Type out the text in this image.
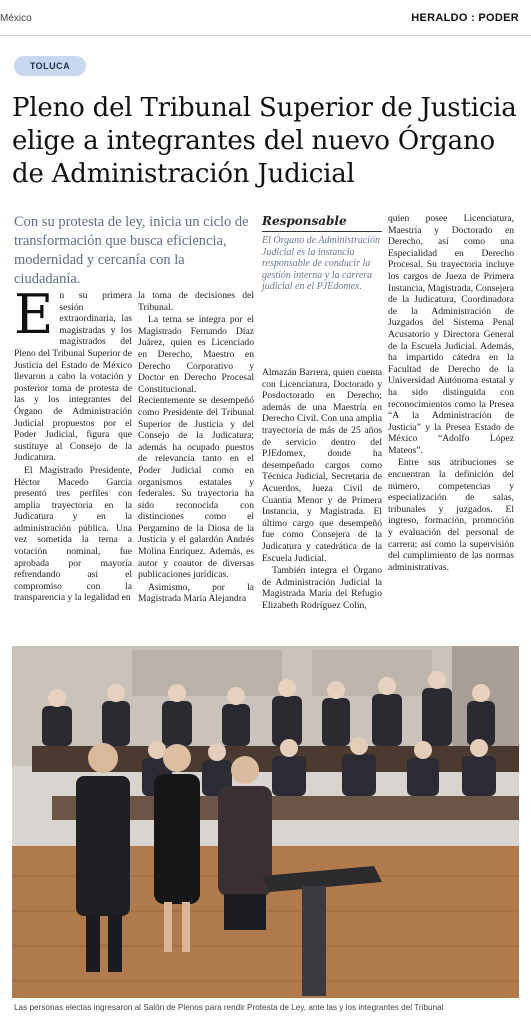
México	HERALDO : PODER
TOLUCA
Pleno del Tribunal Superior de Justicia elige a integrantes del nuevo Órgano de Administración Judicial
Con su protesta de ley, inicia un ciclo de transformación que busca eficiencia, modernidad y cercanía con la ciudadanía.

En su primera sesión extraordinaria, las magistradas y los magistrados del Pleno del Tribunal Superior de Justicia del Estado de México llevaron a cabo la votación y posterior toma de protesta de las y los integrantes del Órgano de Administración Judicial propuestos por el Poder Judicial, figura que sustituye al Consejo de la Judicatura.

El Magistrado Presidente, Héctor Macedo García presentó tres perfiles con amplia trayectoria en la Judicatura y en la administración pública. Una vez sometida la terna a votación nominal, fue aprobada por mayoría refrendando así el compromiso con la transparencia y la legalidad en

la toma de decisiones del Tribunal.

La terna se integra por el Magistrado Fernando Díaz Juárez, quien es Licenciado en Derecho, Maestro en Derecho Corporativo y Doctor en Derecho Procesal Constitucional. Recientemente se desempeñó como Presidente del Tribunal Superior de Justicia y del Consejo de la Judicatura; además ha ocupado puestos de relevancia tanto en el Poder Judicial como en organismos estatales y federales. Su trayectoria ha sido reconocida con distinciones como el Pergamino de la Diosa de la Justicia y el galardón Andrés Molina Enríquez. Además, es autor y coautor de diversas publicaciones jurídicas.

Asimismo, por la Magistrada María Alejandra

Responsable
El Órgano de Administración Judicial es la instancia responsable de conducir la gestión interna y la carrera judicial en el PJEdomex.

Almazán Barrera, quien cuenta con Licenciatura, Doctorado y Posdoctorado en Derecho; además de una Maestría en Derecho Civil. Con una amplia trayectoria de más de 25 años de servicio dentro del PJEdomex, donde ha desempeñado cargos como Técnica Judicial, Secretaria de Acuerdos, Jueza Civil de Cuantía Menor y de Primera Instancia, y Magistrada. El último cargo que desempeñó fue como Consejera de la Judicatura y catedrática de la Escuela Judicial.

También integra el Órgano de Administración Judicial la Magistrada María del Refugio Elizabeth Rodríguez Colín,

quien posee Licenciatura, Maestría y Doctorado en Derecho, así como una Especialidad en Derecho Procesal. Su trayectoria incluye los cargos de Jueza de Primera Instancia, Magistrada, Consejera de la Judicatura, Coordinadora de la Administración de Juzgados del Sistema Penal Acusatorio y Directora General de la Escuela Judicial. Además, ha impartido cátedra en la Facultad de Derecho de la Universidad Autónoma estatal y ha sido distinguida con reconocimientos como la Presea “A la Administración de Justicia” y la Presea Estado de México “Adolfo López Mateos”.

Entre sus atribuciones se encuentran la definición del número, competencias y especialización de salas, tribunales y juzgados. El ingreso, formación, promoción y evaluación del personal de carrera; así como la supervisión del cumplimiento de las normas administrativas.

Las personas electas ingresaron al Salón de Plenos para rendir Protesta de Ley, ante las y los integrantes del Tribunal
